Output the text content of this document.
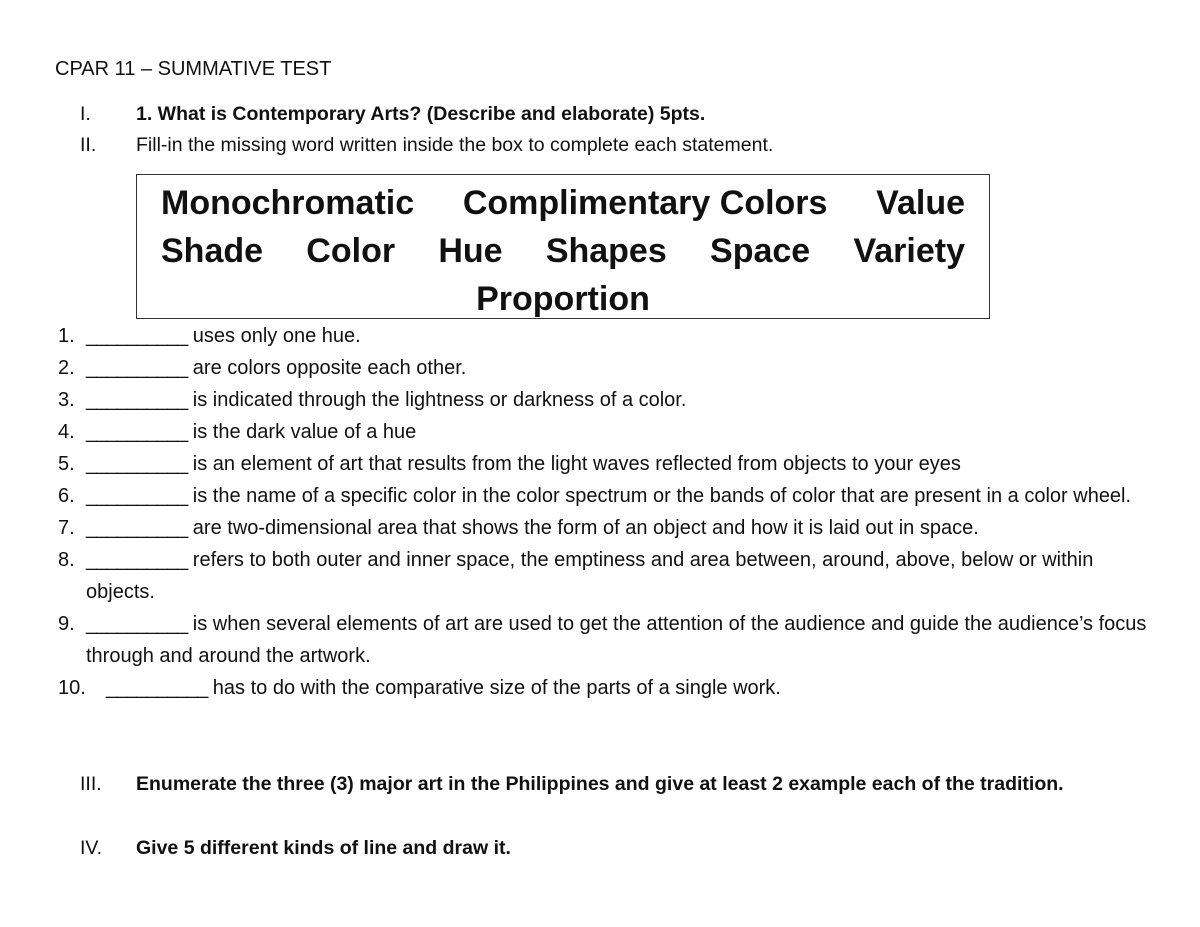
CPAR 11 – SUMMATIVE TEST
I. 1. What is Contemporary Arts? (Describe and elaborate) 5pts.
II. Fill-in the missing word written inside the box to complete each statement.
Monochromatic Complimentary Colors Value
Shade Color Hue Shapes Space Variety
Proportion
1. __________ uses only one hue.
2. __________ are colors opposite each other.
3. __________ is indicated through the lightness or darkness of a color.
4. __________ is the dark value of a hue
5. __________ is an element of art that results from the light waves reflected from objects to your eyes
6. __________ is the name of a specific color in the color spectrum or the bands of color that are present in a color wheel.
7. __________ are two-dimensional area that shows the form of an object and how it is laid out in space.
8. __________ refers to both outer and inner space, the emptiness and area between, around, above, below or within objects.
9. __________ is when several elements of art are used to get the attention of the audience and guide the audience’s focus through and around the artwork.
10.	__________ has to do with the comparative size of the parts of a single work.
III.	Enumerate the three (3) major art in the Philippines and give at least 2 example each of the tradition.
IV.	Give 5 different kinds of line and draw it.
